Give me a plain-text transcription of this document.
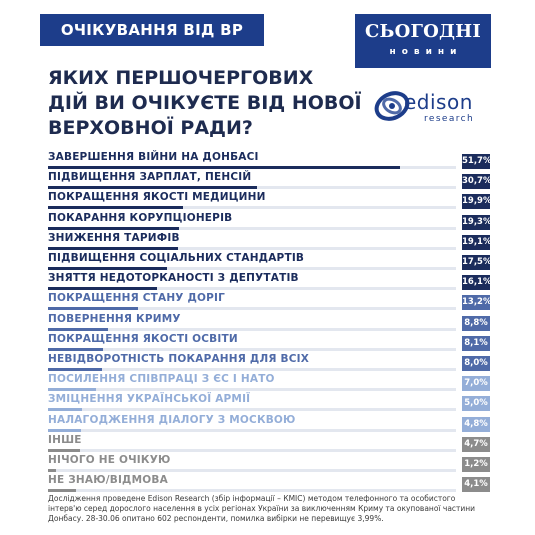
ОЧІКУВАННЯ ВІД ВР	СЬОГОДНІ
новини
ЯКИХ ПЕРШОЧЕРГОВИХ
ДІЙ ВИ ОЧІКУЄТЕ ВІД НОВОЇ
ВЕРХОВНОЇ РАДИ?
edison
research
ЗАВЕРШЕННЯ ВІЙНИ НА ДОНБАСІ	51,7%
ПІДВИЩЕННЯ ЗАРПЛАТ, ПЕНСІЙ	30,7%
ПОКРАЩЕННЯ ЯКОСТІ МЕДИЦИНИ	19,9%
ПОКАРАННЯ КОРУПЦІОНЕРІВ	19,3%
ЗНИЖЕННЯ ТАРИФІВ	19,1%
ПІДВИЩЕННЯ СОЦІАЛЬНИХ СТАНДАРТІВ	17,5%
ЗНЯТТЯ НЕДОТОРКАНОСТІ З ДЕПУТАТІВ	16,1%
ПОКРАЩЕННЯ СТАНУ ДОРІГ	13,2%
ПОВЕРНЕННЯ КРИМУ	8,8%
ПОКРАЩЕННЯ ЯКОСТІ ОСВІТИ	8,1%
НЕВІДВОРОТНІСТЬ ПОКАРАННЯ ДЛЯ ВСІХ	8,0%
ПОСИЛЕННЯ СПІВПРАЦІ З ЄС І НАТО	7,0%
ЗМІЦНЕННЯ УКРАЇНСЬКОЇ АРМІЇ	5,0%
НАЛАГОДЖЕННЯ ДІАЛОГУ З МОСКВОЮ	4,8%
ІНШЕ	4,7%
НІЧОГО НЕ ОЧІКУЮ	1,2%
НЕ ЗНАЮ/ВІДМОВА	4,1%
Дослідження проведене Edison Research (збір інформації – КМІС) методом телефонного та особистого інтерв'ю серед дорослого населення в усіх регіонах України за виключенням Криму та окупованої частини Донбасу. 28-30.06 опитано 602 респонденти, помилка вибірки не перевищує 3,99%.
